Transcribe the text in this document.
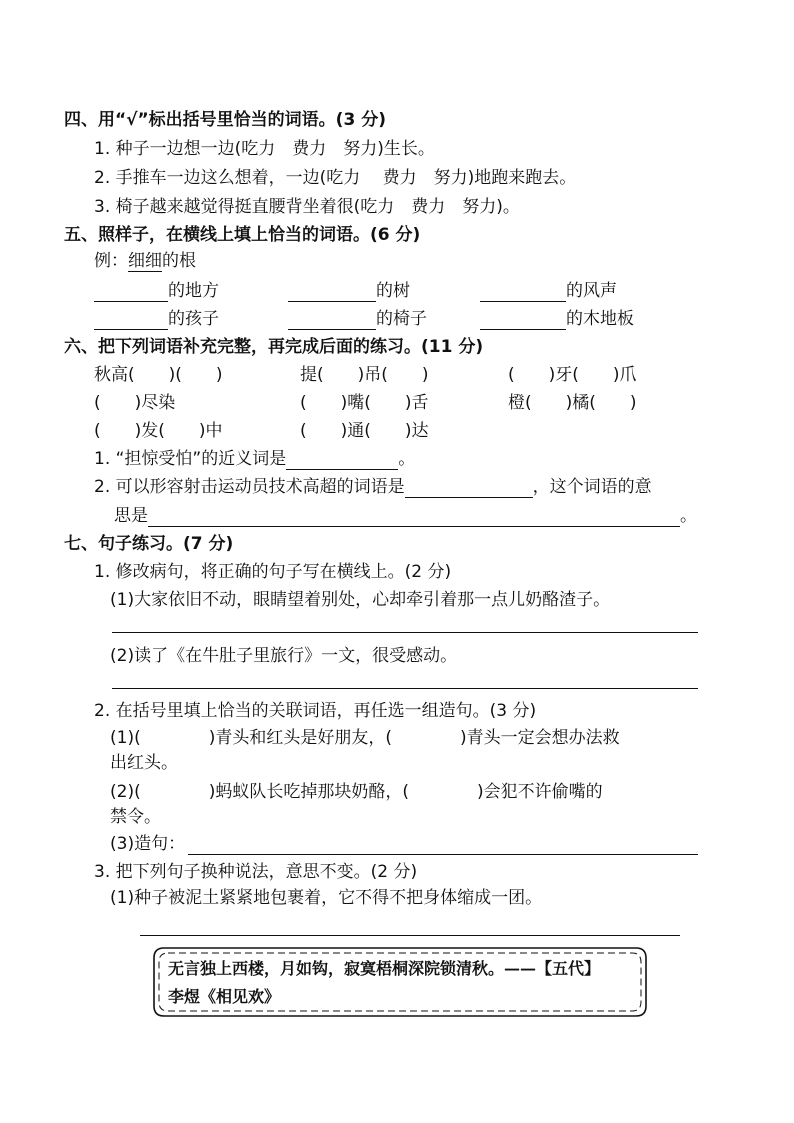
四、用“√”标出括号里恰当的词语。(3 分)
1. 种子一边想一边(吃力　费力　努力)生长。
2. 手推车一边这么想着，一边(吃力　 费力　努力)地跑来跑去。
3. 椅子越来越觉得挺直腰背坐着很(吃力　费力　努力)。
五、照样子，在横线上填上恰当的词语。(6 分)
例：细细的根
的地方	的树	的风声
的孩子	的椅子	的木地板
六、把下列词语补充完整，再完成后面的练习。(11 分)
秋高(　　)(　　)	提(　　)吊(　　)	(　　)牙(　　)爪
(　　)尽染	(　　)嘴(　　)舌	橙(　　)橘(　　)
(　　)发(　　)中	(　　)通(　　)达
1. “担惊受怕”的近义词是	。
2. 可以形容射击运动员技术高超的词语是	，这个词语的意
思是	。
七、句子练习。(7 分)
1. 修改病句，将正确的句子写在横线上。(2 分)
(1)大家依旧不动，眼睛望着别处，心却牵引着那一点儿奶酪渣子。
(2)读了《在牛肚子里旅行》一文，很受感动。
2. 在括号里填上恰当的关联词语，再任选一组造句。(3 分)
(1)(　　　　)青头和红头是好朋友，(　　　　)青头一定会想办法救
出红头。
(2)(　　　　)蚂蚁队长吃掉那块奶酪，(　　　　)会犯不许偷嘴的
禁令。
(3)造句：
3. 把下列句子换种说法，意思不变。(2 分)
(1)种子被泥土紧紧地包裹着，它不得不把身体缩成一团。
无言独上西楼，月如钩，寂寞梧桐深院锁清秋。——【五代】
李煜《相见欢》
